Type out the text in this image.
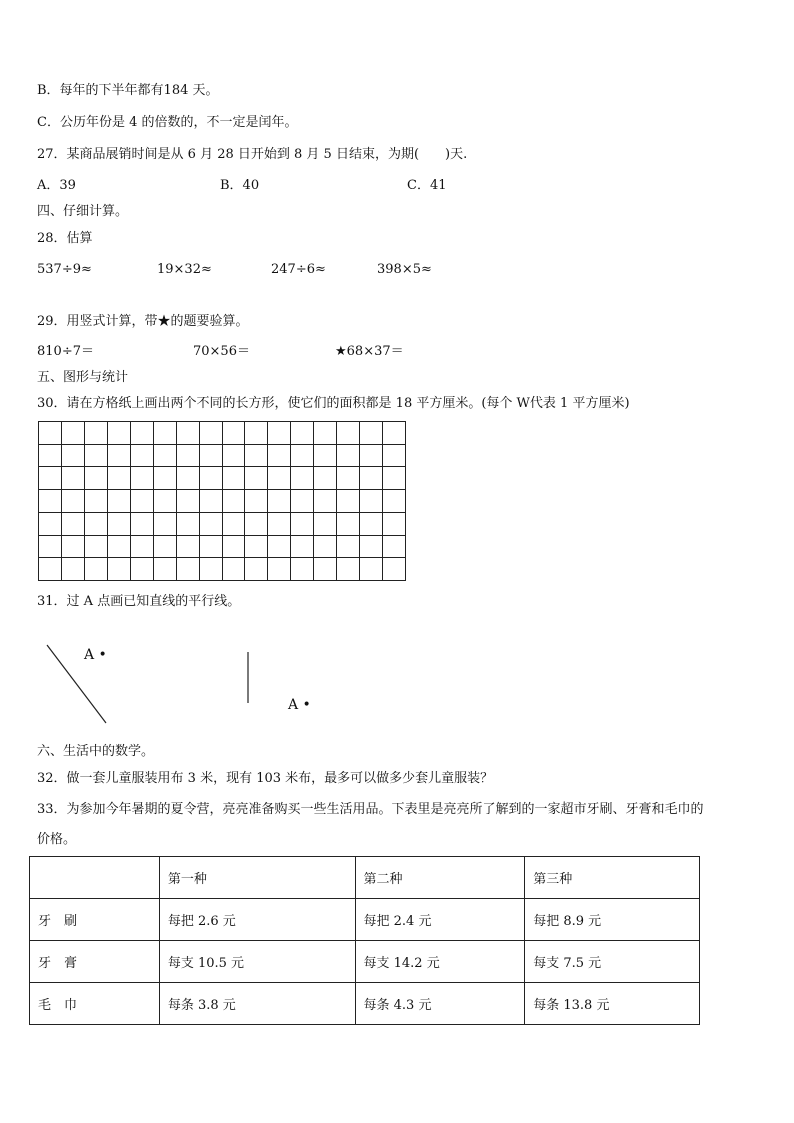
B．每年的下半年都有184 天。
C．公历年份是 4 的倍数的，不一定是闰年。
27．某商品展销时间是从 6 月 28 日开始到 8 月 5 日结束，为期(　　)天.
A．39	B．40	C．41
四、仔细计算。
28．估算
537÷9≈	19×32≈	247÷6≈	398×5≈
29．用竖式计算，带★的题要验算。
810÷7＝	70×56＝	★68×37＝
五、图形与统计
30．请在方格纸上画出两个不同的长方形，使它们的面积都是 18 平方厘米。(每个 W代表 1 平方厘米)

31．过 A 点画已知直线的平行线。
A •
A •
六、生活中的数学。
32．做一套儿童服装用布 3 米，现有 103 米布，最多可以做多少套儿童服装？
33．为参加今年暑期的夏令营，亮亮准备购买一些生活用品。下表里是亮亮所了解到的一家超市牙刷、牙膏和毛巾的
价格。
	第一种	第二种	第三种
牙　刷	每把 2.6 元	每把 2.4 元	每把 8.9 元
牙　膏	每支 10.5 元	每支 14.2 元	每支 7.5 元
毛　巾	每条 3.8 元	每条 4.3 元	每条 13.8 元
